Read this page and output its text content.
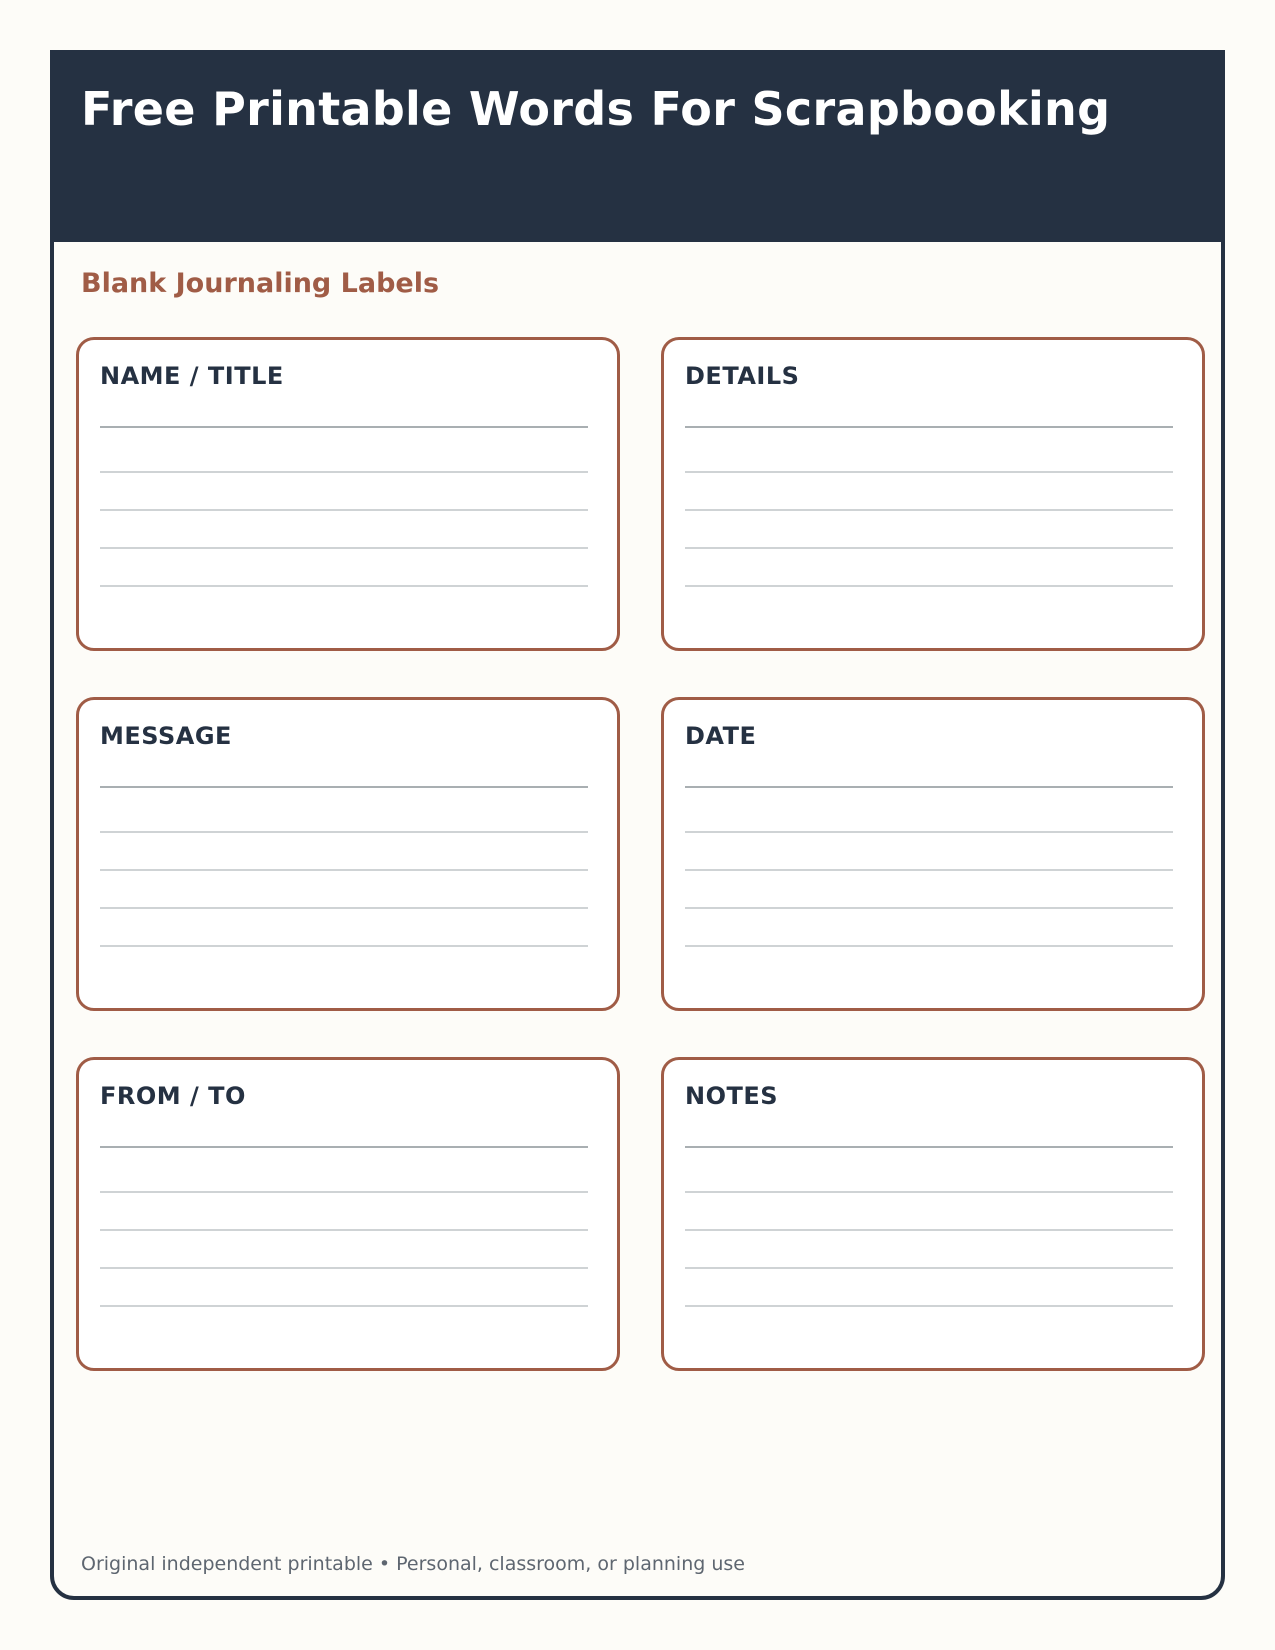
Free Printable Words For Scrapbooking
Blank Journaling Labels
NAME / TITLE	DETAILS
MESSAGE	DATE
FROM / TO	NOTES

Original independent printable • Personal, classroom, or planning use
